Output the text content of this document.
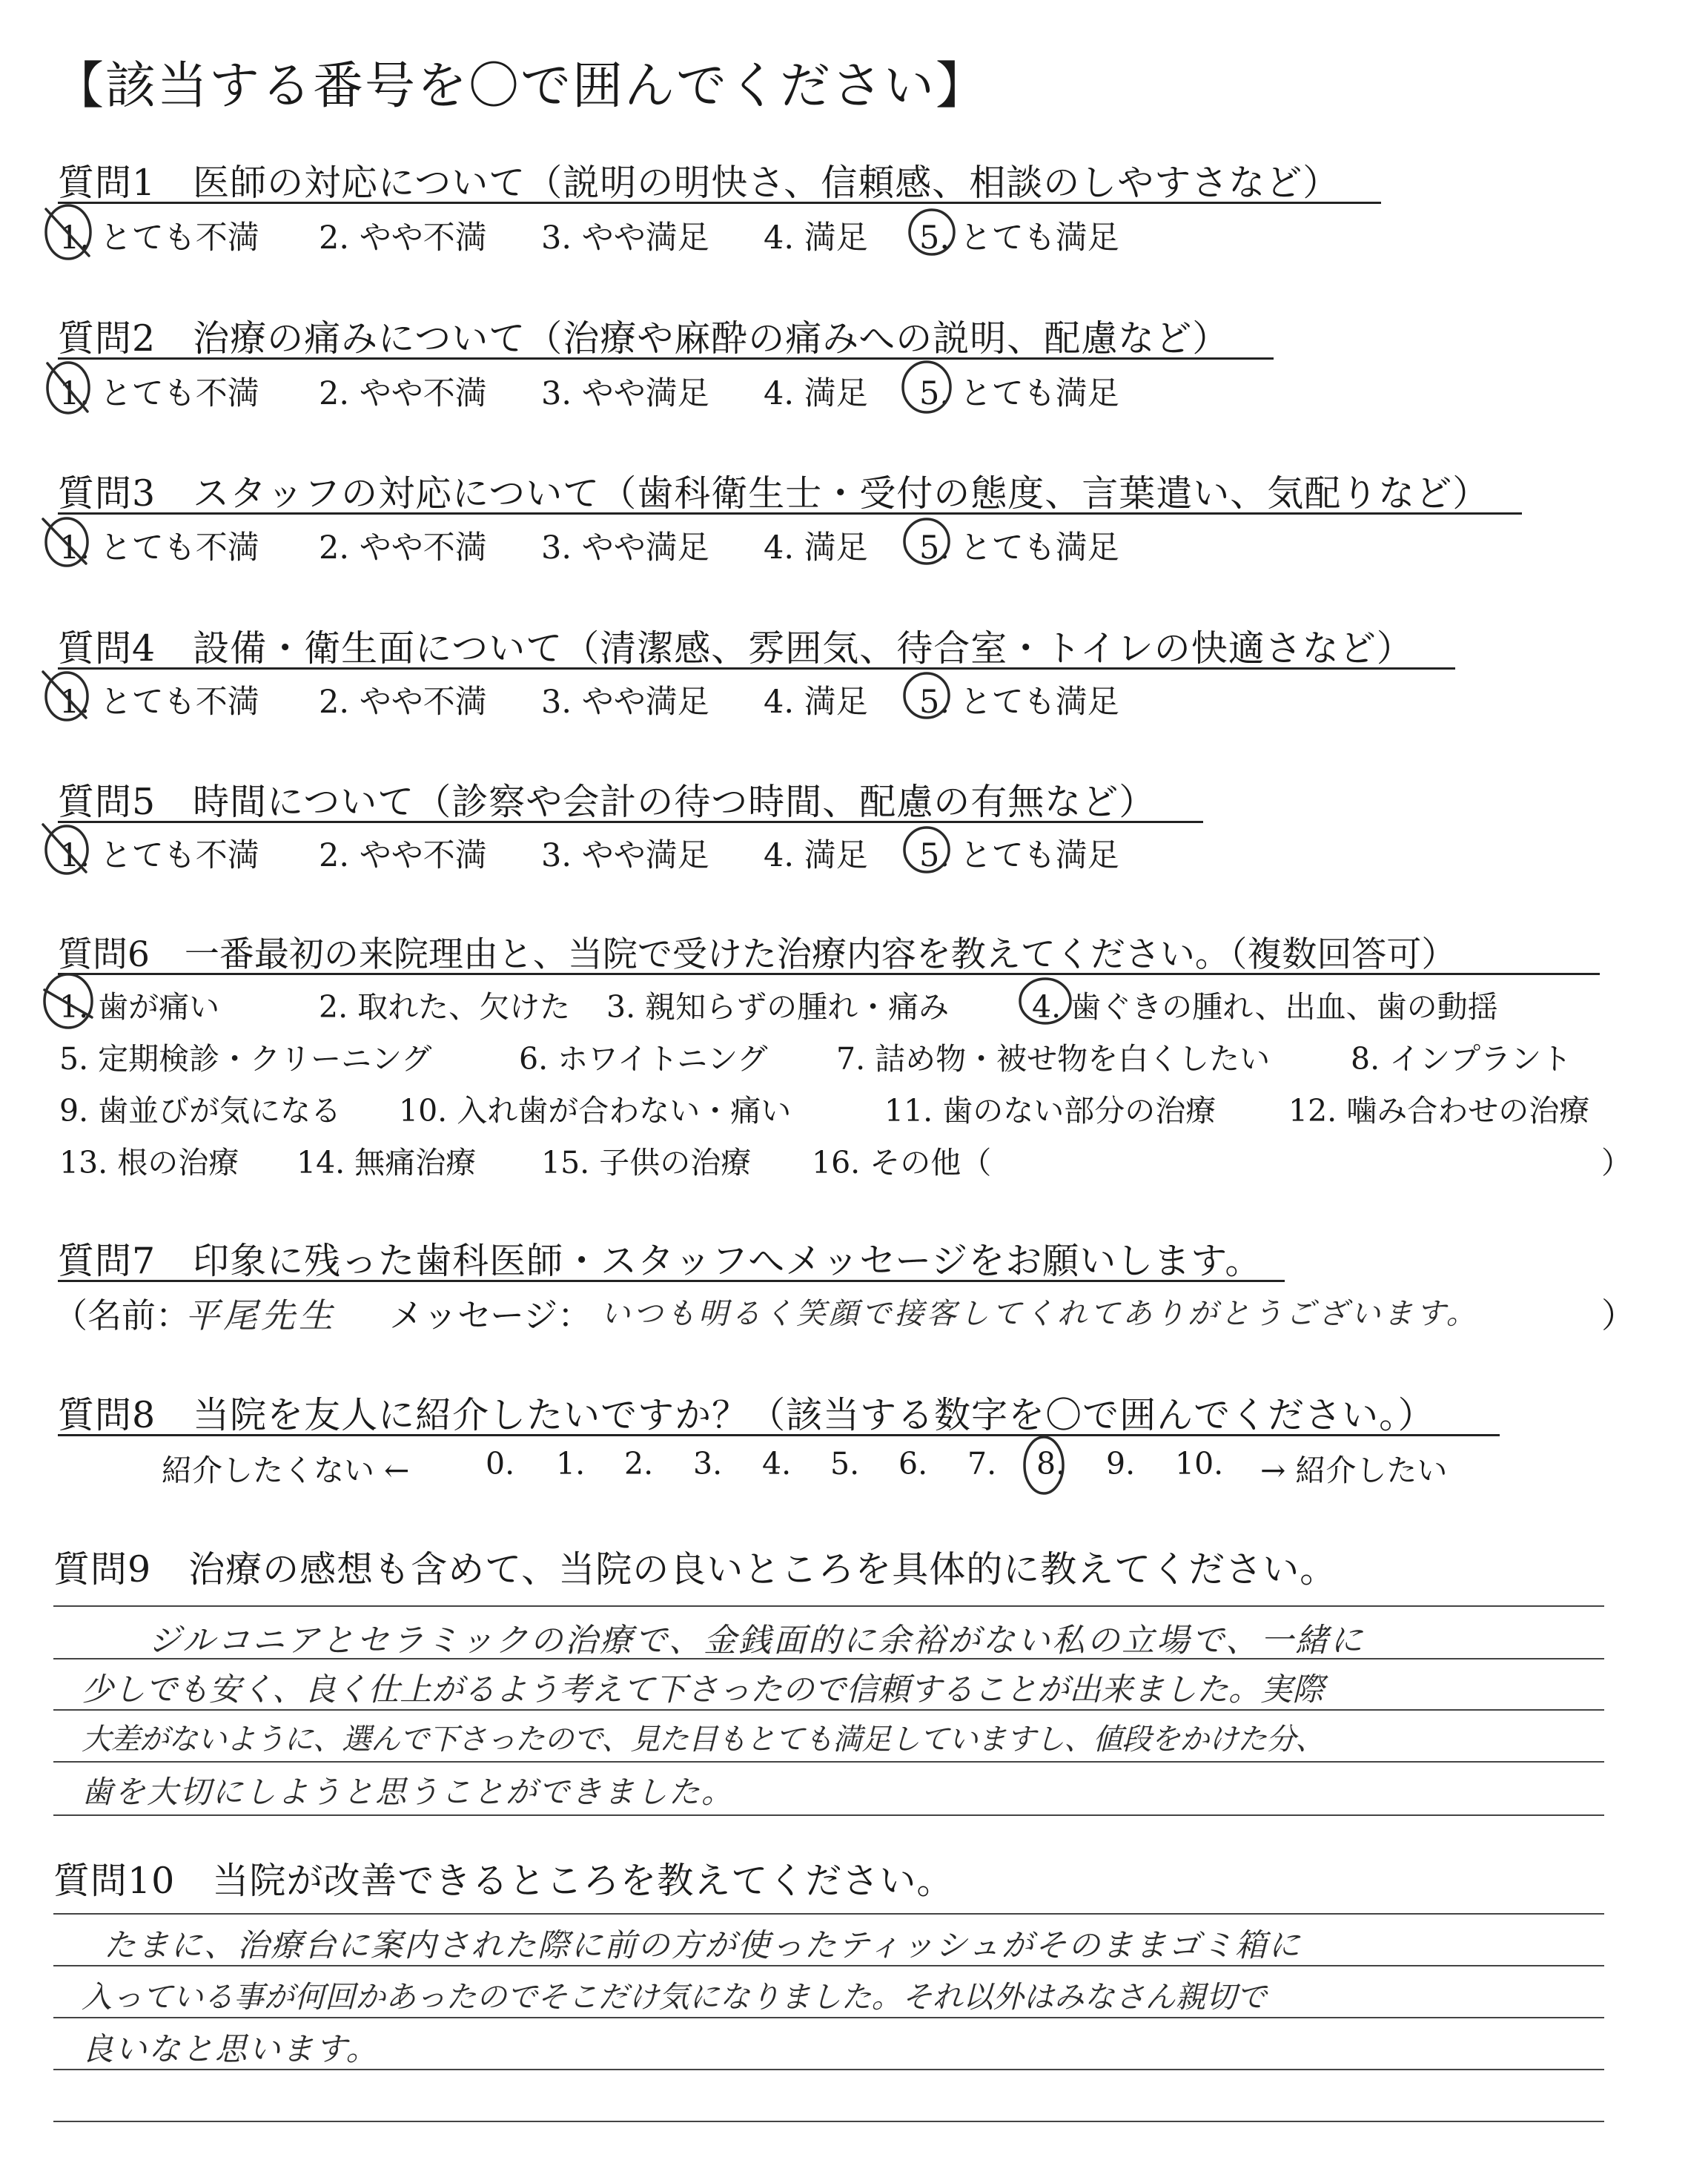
【該当する番号を〇で囲んでください】
質問1　医師の対応について（説明の明快さ、信頼感、相談のしやすさなど）
1. とても不満 2. やや不満 3. やや満足 4. 満足 5. とても満足
質問2　治療の痛みについて（治療や麻酔の痛みへの説明、配慮など）
1. とても不満 2. やや不満 3. やや満足 4. 満足 5. とても満足
質問3　スタッフの対応について（歯科衛生士・受付の態度、言葉遣い、気配りなど）
1. とても不満 2. やや不満 3. やや満足 4. 満足 5. とても満足
質問4　設備・衛生面について（清潔感、雰囲気、待合室・トイレの快適さなど）
1. とても不満 2. やや不満 3. やや満足 4. 満足 5. とても満足
質問5　時間について（診察や会計の待つ時間、配慮の有無など）
1. とても不満 2. やや不満 3. やや満足 4. 満足 5. とても満足
質問6　一番最初の来院理由と、当院で受けた治療内容を教えてください。（複数回答可）
1. 歯が痛い	2. 取れた、欠けた 3. 親知らずの腫れ・痛み	4. 歯ぐきの腫れ、出血、歯の動揺
5. 定期検診・クリーニング	6. ホワイトニング 7. 詰め物・被せ物を白くしたい	8. インプラント
9. 歯並びが気になる 10. 入れ歯が合わない・痛い	11. 歯のない部分の治療 12. 噛み合わせの治療
13. 根の治療 14. 無痛治療 15. 子供の治療 16. その他（	）
質問7　印象に残った歯科医師・スタッフへメッセージをお願いします。
（名前：
平尾先生 メッセージ： いつも明るく笑顔で接客してくれてありがとうございます。	）
質問8　当院を友人に紹介したいですか？（該当する数字を〇で囲んでください。）
紹介したくない ←	0. 1. 2. 3. 4. 5. 6. 7. 8. 9. 10. → 紹介したい
質問9　治療の感想も含めて、当院の良いところを具体的に教えてください。
ジルコニアとセラミックの治療で、金銭面的に余裕がない私の立場で、一緒に
少しでも安く、良く仕上がるよう考えて下さったので信頼することが出来ました。実際
大差がないように、選んで下さったので、見た目もとても満足していますし、値段をかけた分、
歯を大切にしようと思うことができました。
質問10　当院が改善できるところを教えてください。
たまに、治療台に案内された際に前の方が使ったティッシュがそのままゴミ箱に
入っている事が何回かあったのでそこだけ気になりました。それ以外はみなさん親切で
良いなと思います。
